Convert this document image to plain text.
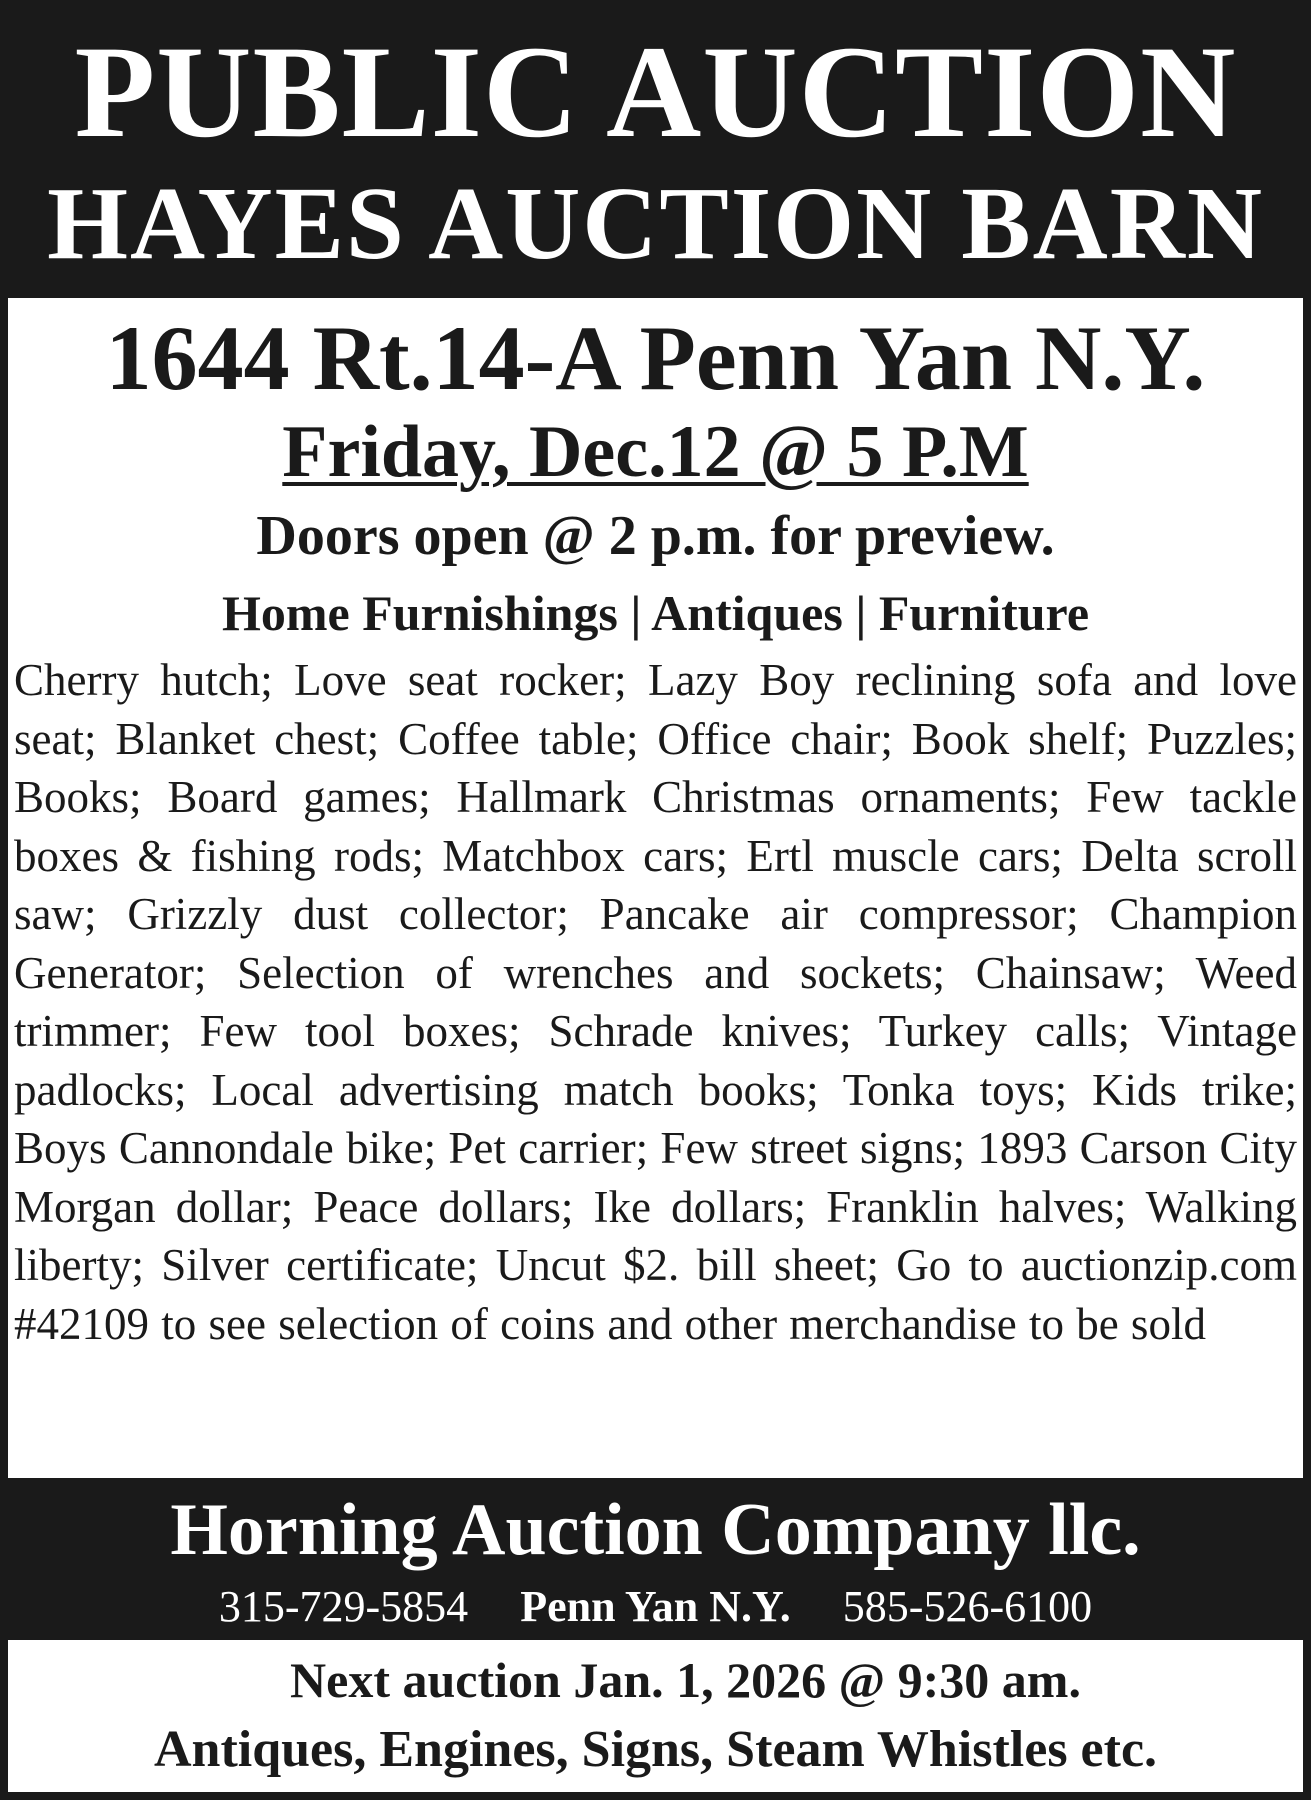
PUBLIC AUCTION
HAYES AUCTION BARN
1644 Rt.14-A Penn Yan N.Y.
Friday, Dec.12 @ 5 P.M
Doors open @ 2 p.m. for preview.
Home Furnishings | Antiques | Furniture
Cherry hutch; Love seat rocker; Lazy Boy reclining sofa and love seat; Blanket chest; Coffee table; Office chair; Book shelf; Puzzles; Books; Board games; Hallmark Christmas ornaments; Few tackle boxes & fishing rods; Matchbox cars; Ertl muscle cars; Delta scroll saw; Grizzly dust collector; Pancake air compressor; Champion Generator; Selection of wrenches and sockets; Chainsaw; Weed trimmer; Few tool boxes; Schrade knives; Turkey calls; Vintage padlocks; Local advertising match books; Tonka toys; Kids trike; Boys Cannondale bike; Pet carrier; Few street signs; 1893 Carson City Morgan dollar; Peace dollars; Ike dollars; Franklin halves; Walking liberty; Silver certificate; Uncut $2. bill sheet; Go to auctionzip.com #42109 to see selection of coins and other merchandise to be sold
Horning Auction Company llc.
315-729-5854 Penn Yan N.Y. 585-526-6100
Next auction Jan. 1, 2026 @ 9:30 am.
Antiques, Engines, Signs, Steam Whistles etc.
